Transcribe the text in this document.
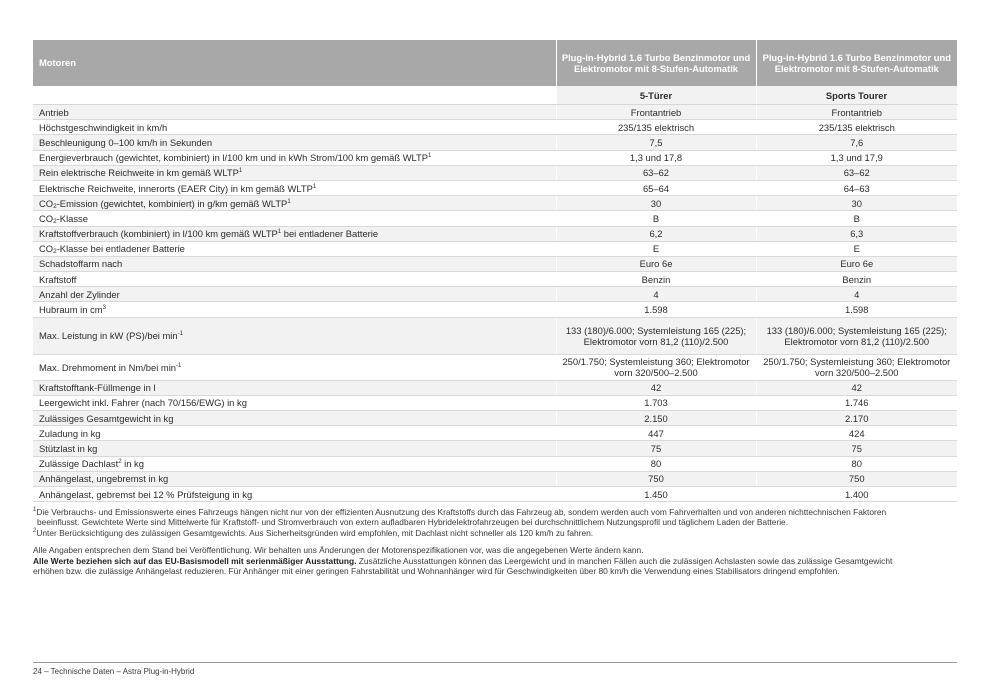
Motoren	Plug-in-Hybrid 1.6 Turbo Benzinmotor und Elektromotor mit 8-Stufen-Automatik	Plug-in-Hybrid 1.6 Turbo Benzinmotor und Elektromotor mit 8-Stufen-Automatik
	5-Türer	Sports Tourer
Antrieb	Frontantrieb	Frontantrieb
Höchstgeschwindigkeit in km/h	235/135 elektrisch	235/135 elektrisch
Beschleunigung 0–100 km/h in Sekunden	7,5	7,6
Energieverbrauch (gewichtet, kombiniert) in l/100 km und in kWh Strom/100 km gemäß WLTP$^1$	1,3 und 17,8	1,3 und 17,9
Rein elektrische Reichweite in km gemäß WLTP$^1$	63–62	63–62
Elektrische Reichweite, innerorts (EAER City) in km gemäß WLTP$^1$	65–64	64–63
$CO_2$-Emission (gewichtet, kombiniert) in g/km gemäß WLTP$^1$	30	30
$CO_2$-Klasse	B	B
Kraftstoffverbrauch (kombiniert) in l/100 km gemäß WLTP$^1$ bei entladener Batterie	6,2	6,3
$CO_2$-Klasse bei entladener Batterie	E	E
Schadstoffarm nach	Euro 6e	Euro 6e
Kraftstoff	Benzin	Benzin
Anzahl der Zylinder	4	4
Hubraum in $cm^3$	1.598	1.598
Max. Leistung in kW (PS)/bei $\min^{-1}$	133 (180)/6.000; Systemleistung 165 (225); Elektromotor vorn 81,2 (110)/2.500	133 (180)/6.000; Systemleistung 165 (225); Elektromotor vorn 81,2 (110)/2.500
Max. Drehmoment in Nm/bei $\min^{-1}$	250/1.750; Systemleistung 360; Elektromotor vorn 320/500–2.500	250/1.750; Systemleistung 360; Elektromotor vorn 320/500–2.500
Kraftstofftank-Füllmenge in l	42	42
Leergewicht inkl. Fahrer (nach 70/156/EWG) in kg	1.703	1.746
Zulässiges Gesamtgewicht in kg	2.150	2.170
Zuladung in kg	447	424
Stützlast in kg	75	75
Zulässige Dachlast$^2$ in kg	80	80
Anhängelast, ungebremst in kg	750	750
Anhängelast, gebremst bei 12 % Prüfsteigung in kg	1.450	1.400

$^1$Die Verbrauchs- und Emissionswerte eines Fahrzeugs hängen nicht nur von der effizienten Ausnutzung des Kraftstoffs durch das Fahrzeug ab, sondern werden auch vom Fahrverhalten und von anderen nichttechnischen Faktoren

beeinflusst. Gewichtete Werte sind Mittelwerte für Kraftstoff- und Stromverbrauch von extern aufladbaren Hybridelektrofahrzeugen bei durchschnittlichem Nutzungsprofil und täglichem Laden der Batterie.

$^2$Unter Berücksichtigung des zulässigen Gesamtgewichts. Aus Sicherheitsgründen wird empfohlen, mit Dachlast nicht schneller als 120 km/h zu fahren.

Alle Angaben entsprechen dem Stand bei Veröffentlichung. Wir behalten uns Änderungen der Motorenspezifikationen vor, was die angegebenen Werte ändern kann.

Alle Werte beziehen sich auf das EU-Basismodell mit serienmäßiger Ausstattung. Zusätzliche Ausstattungen können das Leergewicht und in manchen Fällen auch die zulässigen Achslasten sowie das zulässige Gesamtgewicht

erhöhen bzw. die zulässige Anhängelast reduzieren. Für Anhänger mit einer geringen Fahrstabilität und Wohnanhänger wird für Geschwindigkeiten über 80 km/h die Verwendung eines Stabilisators dringend empfohlen.

24 – Technische Daten – Astra Plug-in-Hybrid
